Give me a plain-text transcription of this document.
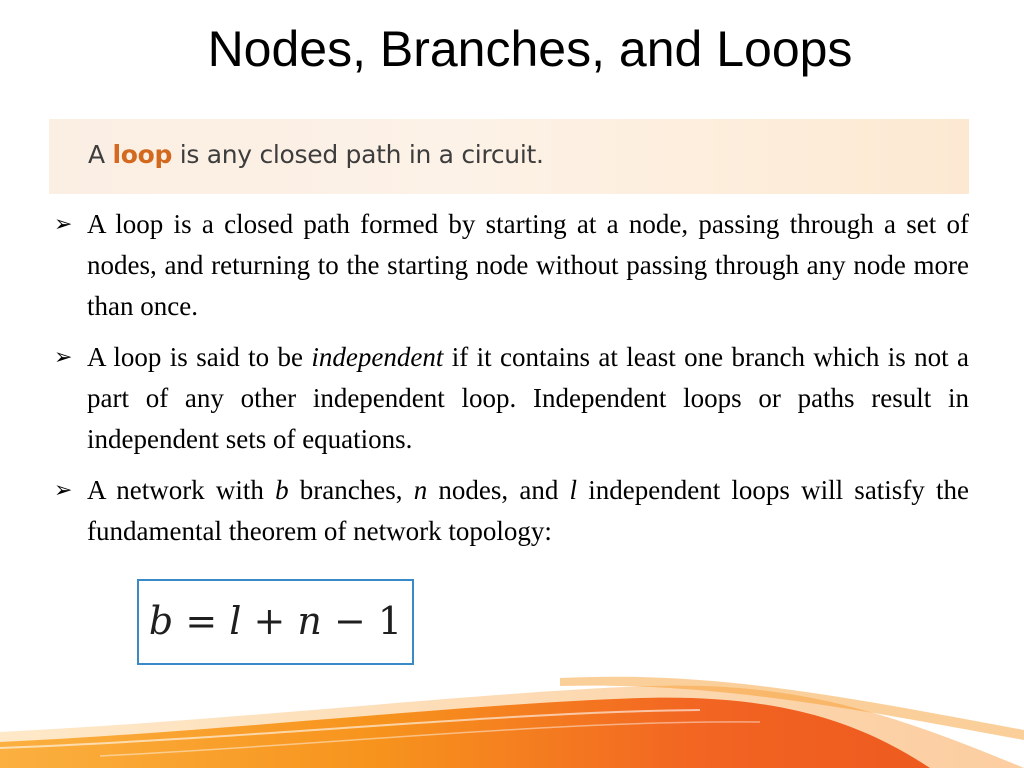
Nodes, Branches, and Loops
A loop is any closed path in a circuit.
➢ A loop is a closed path formed by starting at a node, passing through a set of nodes, and returning to the starting node without passing through any node more than once.
➢ A loop is said to be independent if it contains at least one branch which is not a part of any other independent loop. Independent loops or paths result in independent sets of equations.
➢ A network with b branches, n nodes, and l independent loops will satisfy the fundamental theorem of network topology:
b = l + n − 1
